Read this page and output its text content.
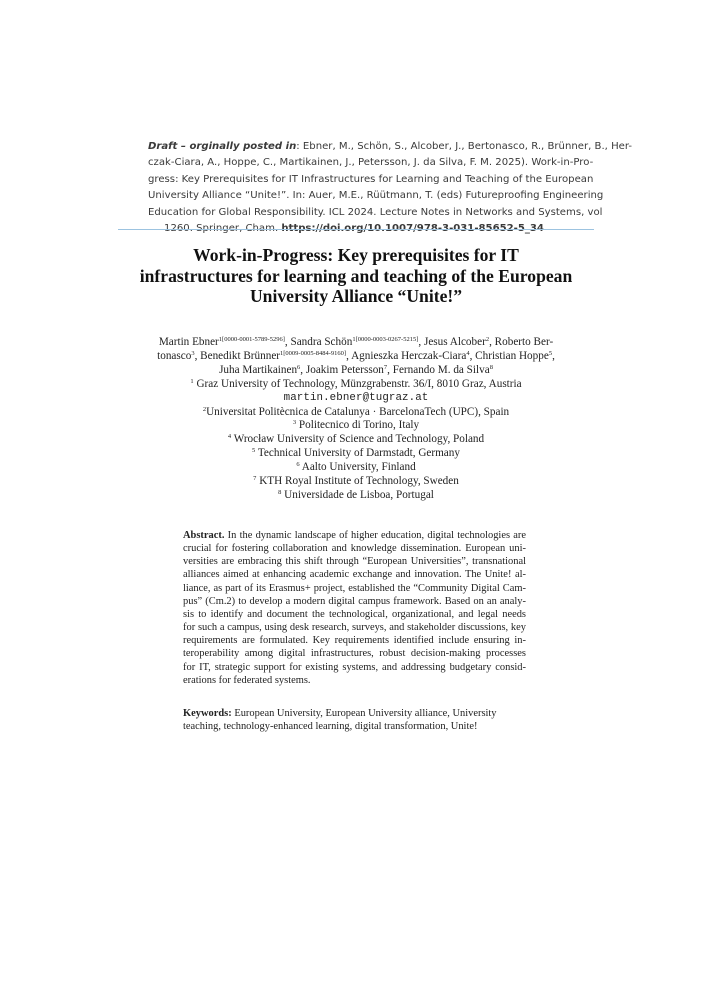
Draft – orginally posted in: Ebner, M., Schön, S., Alcober, J., Bertonasco, R., Brünner, B., Her-
czak-Ciara, A., Hoppe, C., Martikainen, J., Petersson, J. da Silva, F. M. 2025). Work-in-Pro-
gress: Key Prerequisites for IT Infrastructures for Learning and Teaching of the European
University Alliance “Unite!”. In: Auer, M.E., Rüütmann, T. (eds) Futureproofing Engineering
Education for Global Responsibility. ICL 2024. Lecture Notes in Networks and Systems, vol
Work-in-Progress: Key prerequisites for IT
infrastructures for learning and teaching of the European
University Alliance “Unite!”
Martin Ebner$^{1[0000-0001-5789-5296]}$, Sandra Schön$^{1[0000-0003-0267-5215]}$, Jesus Alcober$^2$, Roberto Ber-
tonasco$^3$, Benedikt Brünner$^{1[0009-0005-8484-9160]}$, Agnieszka Herczak-Ciara$^4$, Christian Hoppe$^5$,
Juha Martikainen$^6$, Joakim Petersson$^7$, Fernando M. da Silva$^8$
$^1$ Graz University of Technology, Münzgrabenstr. 36/I, 8010 Graz, Austria
martin.ebner@tugraz.at
$^2$Universitat Politècnica de Catalunya · BarcelonaTech (UPC), Spain
$^3$ Politecnico di Torino, Italy
$^4$ Wrocław University of Science and Technology, Poland
$^5$ Technical University of Darmstadt, Germany
$^6$ Aalto University, Finland
$^7$ KTH Royal Institute of Technology, Sweden
$^8$ Universidade de Lisboa, Portugal
Abstract. In the dynamic landscape of higher education, digital technologies are
crucial for fostering collaboration and knowledge dissemination. European uni-
versities are embracing this shift through “European Universities”, transnational
alliances aimed at enhancing academic exchange and innovation. The Unite! al-
liance, as part of its Erasmus+ project, established the “Community Digital Cam-
pus” (Cm.2) to develop a modern digital campus framework. Based on an analy-
sis to identify and document the technological, organizational, and legal needs
for such a campus, using desk research, surveys, and stakeholder discussions, key
requirements are formulated. Key requirements identified include ensuring in-
teroperability among digital infrastructures, robust decision-making processes
for IT, strategic support for existing systems, and addressing budgetary consid-
erations for federated systems.
Keywords: European University, European University alliance, University
teaching, technology-enhanced learning, digital transformation, Unite!
